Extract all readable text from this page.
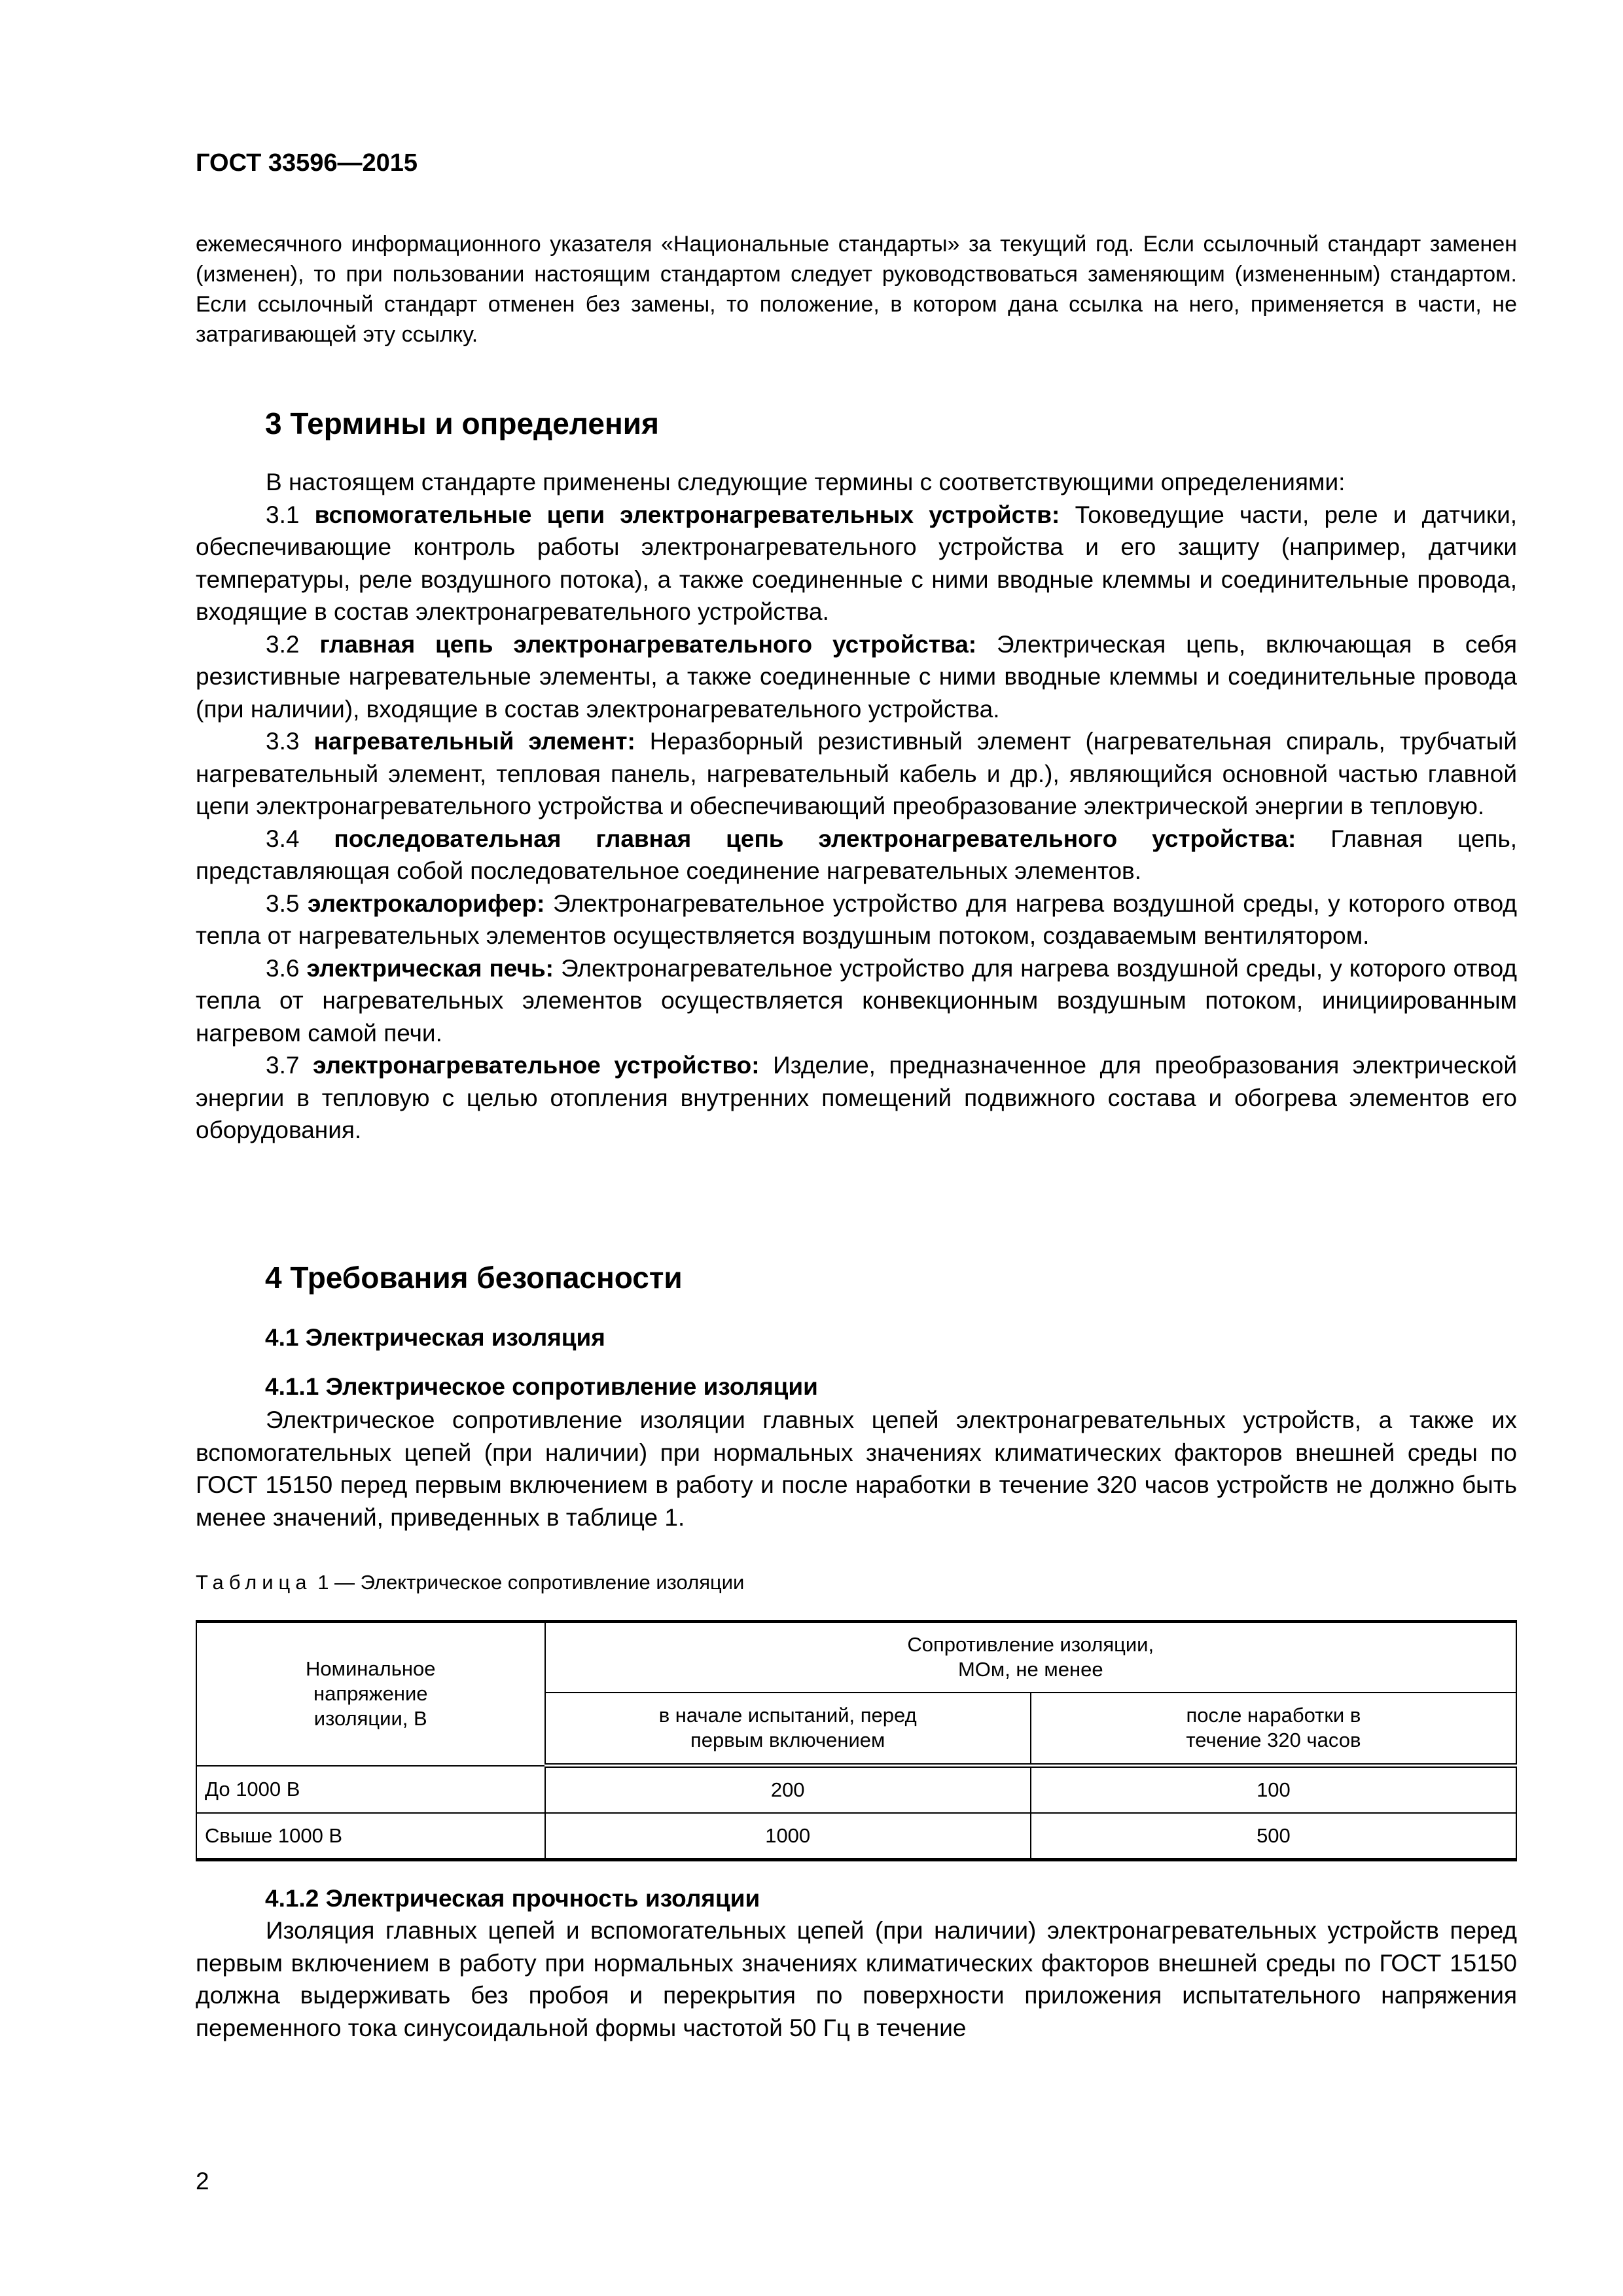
ГОСТ 33596—2015

ежемесячного информационного указателя «Национальные стандарты» за текущий год. Если ссылочный стандарт заменен (изменен), то при пользовании настоящим стандартом следует руководствоваться заменяющим (измененным) стандартом. Если ссылочный стандарт отменен без замены, то положение, в котором дана ссылка на него, применяется в части, не затрагивающей эту ссылку.

3 Термины и определения

В настоящем стандарте применены следующие термины с соответствующими определениями:

3.1 вспомогательные цепи электронагревательных устройств: Токоведущие части, реле и датчики, обеспечивающие контроль работы электронагревательного устройства и его защиту (например, датчики температуры, реле воздушного потока), а также соединенные с ними вводные клеммы и соединительные провода, входящие в состав электронагревательного устройства.

3.2 главная цепь электронагревательного устройства: Электрическая цепь, включающая в себя резистивные нагревательные элементы, а также соединенные с ними вводные клеммы и соединительные провода (при наличии), входящие в состав электронагревательного устройства.

3.3 нагревательный элемент: Неразборный резистивный элемент (нагревательная спираль, трубчатый нагревательный элемент, тепловая панель, нагревательный кабель и др.), являющийся основной частью главной цепи электронагревательного устройства и обеспечивающий преобразование электрической энергии в тепловую.

3.4 последовательная главная цепь электронагревательного устройства: Главная цепь, представляющая собой последовательное соединение нагревательных элементов.

3.5 электрокалорифер: Электронагревательное устройство для нагрева воздушной среды, у которого отвод тепла от нагревательных элементов осуществляется воздушным потоком, создаваемым вентилятором.

3.6 электрическая печь: Электронагревательное устройство для нагрева воздушной среды, у которого отвод тепла от нагревательных элементов осуществляется конвекционным воздушным потоком, инициированным нагревом самой печи.

3.7 электронагревательное устройство: Изделие, предназначенное для преобразования электрической энергии в тепловую с целью отопления внутренних помещений подвижного состава и обогрева элементов его оборудования.

4 Требования безопасности
4.1 Электрическая изоляция
4.1.1 Электрическое сопротивление изоляции

Электрическое сопротивление изоляции главных цепей электронагревательных устройств, а также их вспомогательных цепей (при наличии) при нормальных значениях климатических факторов внешней среды по ГОСТ 15150 перед первым включением в работу и после наработки в течение 320 часов устройств не должно быть менее значений, приведенных в таблице 1.

Таблица 1 — Электрическое сопротивление изоляции
Номинальное напряжение изоляции, В	Сопротивление изоляции, МОм, не менее	

	в начале испытаний, перед первым включением	после наработки в течение 320 часов

До 1000 В	200	100
Свыше 1000 В	1000	500
4.1.2 Электрическая прочность изоляции

Изоляция главных цепей и вспомогательных цепей (при наличии) электронагревательных устройств перед первым включением в работу при нормальных значениях климатических факторов внешней среды по ГОСТ 15150 должна выдерживать без пробоя и перекрытия по поверхности приложения испытательного напряжения переменного тока синусоидальной формы частотой 50 Гц в течение

2
